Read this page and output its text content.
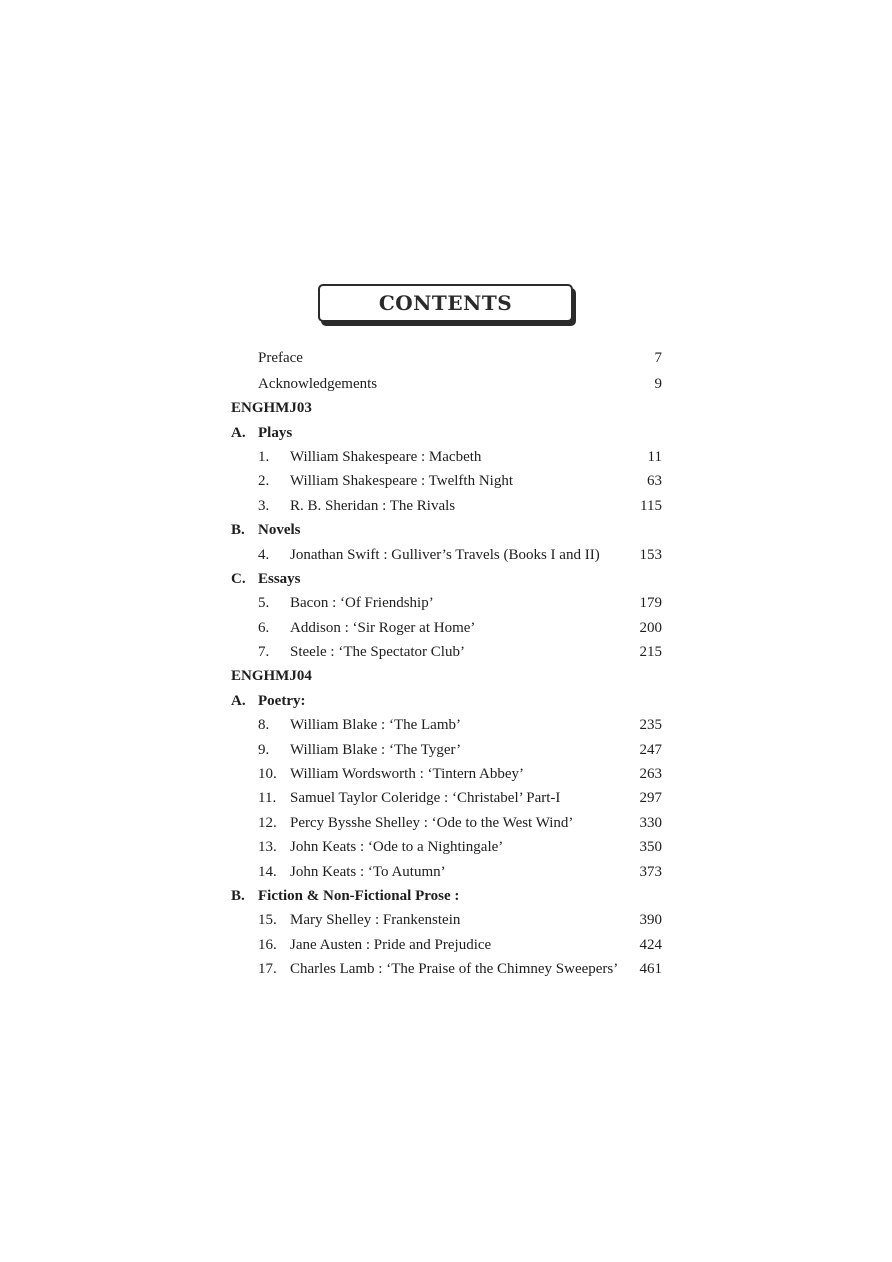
CONTENTS
Preface	7
Acknowledgements	9
ENGHMJ03
A. Plays
1. William Shakespeare : Macbeth	11
2. William Shakespeare : Twelfth Night	63
3. R. B. Sheridan : The Rivals	115
B. Novels
4. Jonathan Swift : Gulliver’s Travels (Books I and II)	153
C. Essays
5. Bacon : ‘Of Friendship’	179
6. Addison : ‘Sir Roger at Home’	200
7. Steele : ‘The Spectator Club’	215
ENGHMJ04
A. Poetry:
8. William Blake : ‘The Lamb’	235
9. William Blake : ‘The Tyger’	247
10. William Wordsworth : ‘Tintern Abbey’	263
11. Samuel Taylor Coleridge : ‘Christabel’ Part-I	297
12. Percy Bysshe Shelley : ‘Ode to the West Wind’	330
13. John Keats : ‘Ode to a Nightingale’	350
14. John Keats : ‘To Autumn’	373
B. Fiction & Non-Fictional Prose :
15. Mary Shelley : Frankenstein	390
16. Jane Austen : Pride and Prejudice	424
17. Charles Lamb : ‘The Praise of the Chimney Sweepers’	461
